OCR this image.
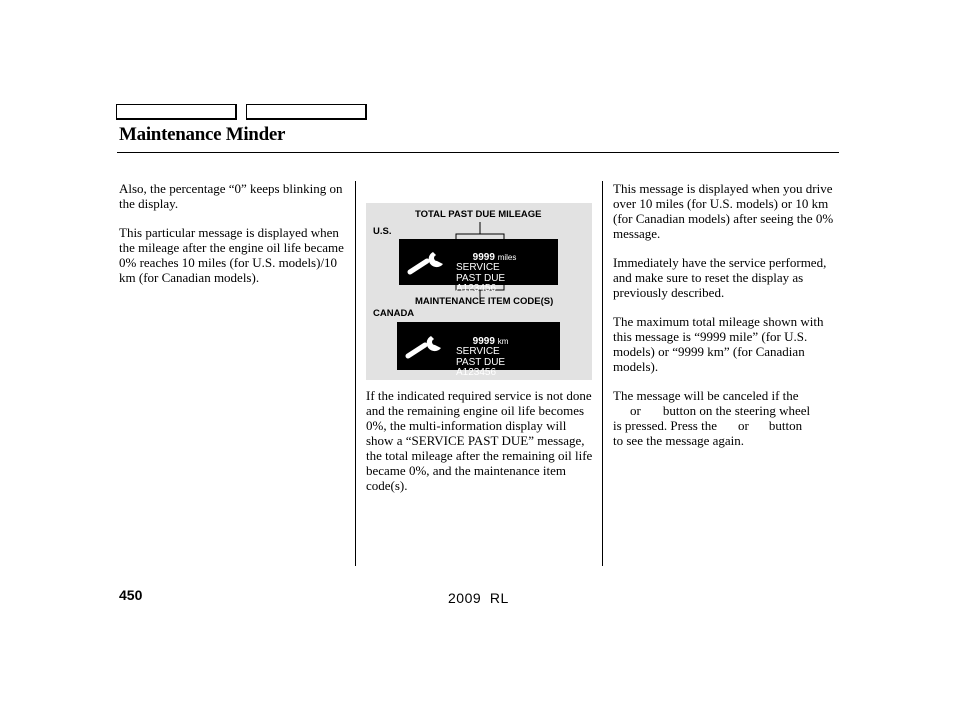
Maintenance Minder

Also, the percentage “0” keeps blinking on the display.

This particular message is displayed when the mileage after the engine oil life became 0% reaches 10 miles (for U.S. models)/10 km (for Canadian models).

TOTAL PAST DUE MILEAGE
U.S.

9999 miles
SERVICE
PAST DUE
A123456

MAINTENANCE ITEM CODE(S)
CANADA

9999 km
SERVICE
PAST DUE
A123456

If the indicated required service is not done and the remaining engine oil life becomes 0%, the multi-information display will show a “SERVICE PAST DUE” message, the total mileage after the remaining oil life became 0%, and the maintenance item code(s).

This message is displayed when you drive over 10 miles (for U.S. models) or 10 km (for Canadian models) after seeing the 0% message.

Immediately have the service performed, and make sure to reset the display as previously described.

The maximum total mileage shown with this message is “9999 mile” (for U.S. models) or “9999 km” (for Canadian models).

The message will be canceled if the
or button on the steering wheel
is pressed. Press the or button
to see the message again.
450	2009  RL
